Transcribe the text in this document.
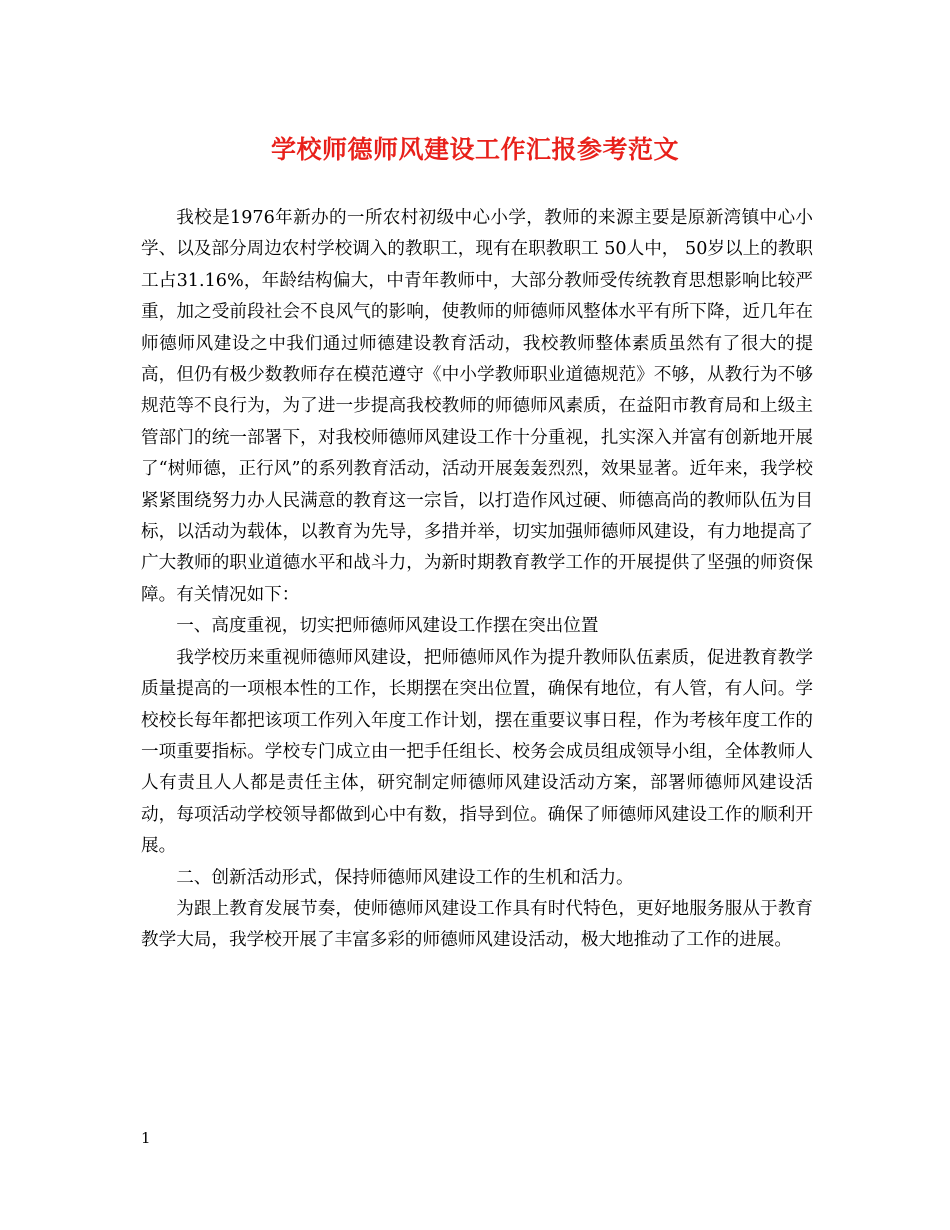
学校师德师风建设工作汇报参考范文

我校是1976年新办的一所农村初级中心小学，教师的来源主要是原新湾镇中心小学、以及部分周边农村学校调入的教职工，现有在职教职工 50人中， 50岁以上的教职工占31.16%，年龄结构偏大，中青年教师中，大部分教师受传统教育思想影响比较严重，加之受前段社会不良风气的影响，使教师的师德师风整体水平有所下降，近几年在师德师风建设之中我们通过师德建设教育活动，我校教师整体素质虽然有了很大的提高，但仍有极少数教师存在模范遵守《中小学教师职业道德规范》不够，从教行为不够规范等不良行为，为了进一步提高我校教师的师德师风素质，在益阳市教育局和上级主管部门的统一部署下，对我校师德师风建设工作十分重视，扎实深入并富有创新地开展了“树师德，正行风”的系列教育活动，活动开展轰轰烈烈，效果显著。近年来，我学校紧紧围绕努力办人民满意的教育这一宗旨，以打造作风过硬、师德高尚的教师队伍为目标，以活动为载体，以教育为先导，多措并举，切实加强师德师风建设，有力地提高了广大教师的职业道德水平和战斗力，为新时期教育教学工作的开展提供了坚强的师资保障。有关情况如下：

一、高度重视，切实把师德师风建设工作摆在突出位置

我学校历来重视师德师风建设，把师德师风作为提升教师队伍素质，促进教育教学质量提高的一项根本性的工作，长期摆在突出位置，确保有地位，有人管，有人问。学校校长每年都把该项工作列入年度工作计划，摆在重要议事日程，作为考核年度工作的一项重要指标。学校专门成立由一把手任组长、校务会成员组成领导小组，全体教师人人有责且人人都是责任主体，研究制定师德师风建设活动方案，部署师德师风建设活动，每项活动学校领导都做到心中有数，指导到位。确保了师德师风建设工作的顺利开展。

二、创新活动形式，保持师德师风建设工作的生机和活力。

为跟上教育发展节奏，使师德师风建设工作具有时代特色，更好地服务服从于教育教学大局，我学校开展了丰富多彩的师德师风建设活动，极大地推动了工作的进展。

1
